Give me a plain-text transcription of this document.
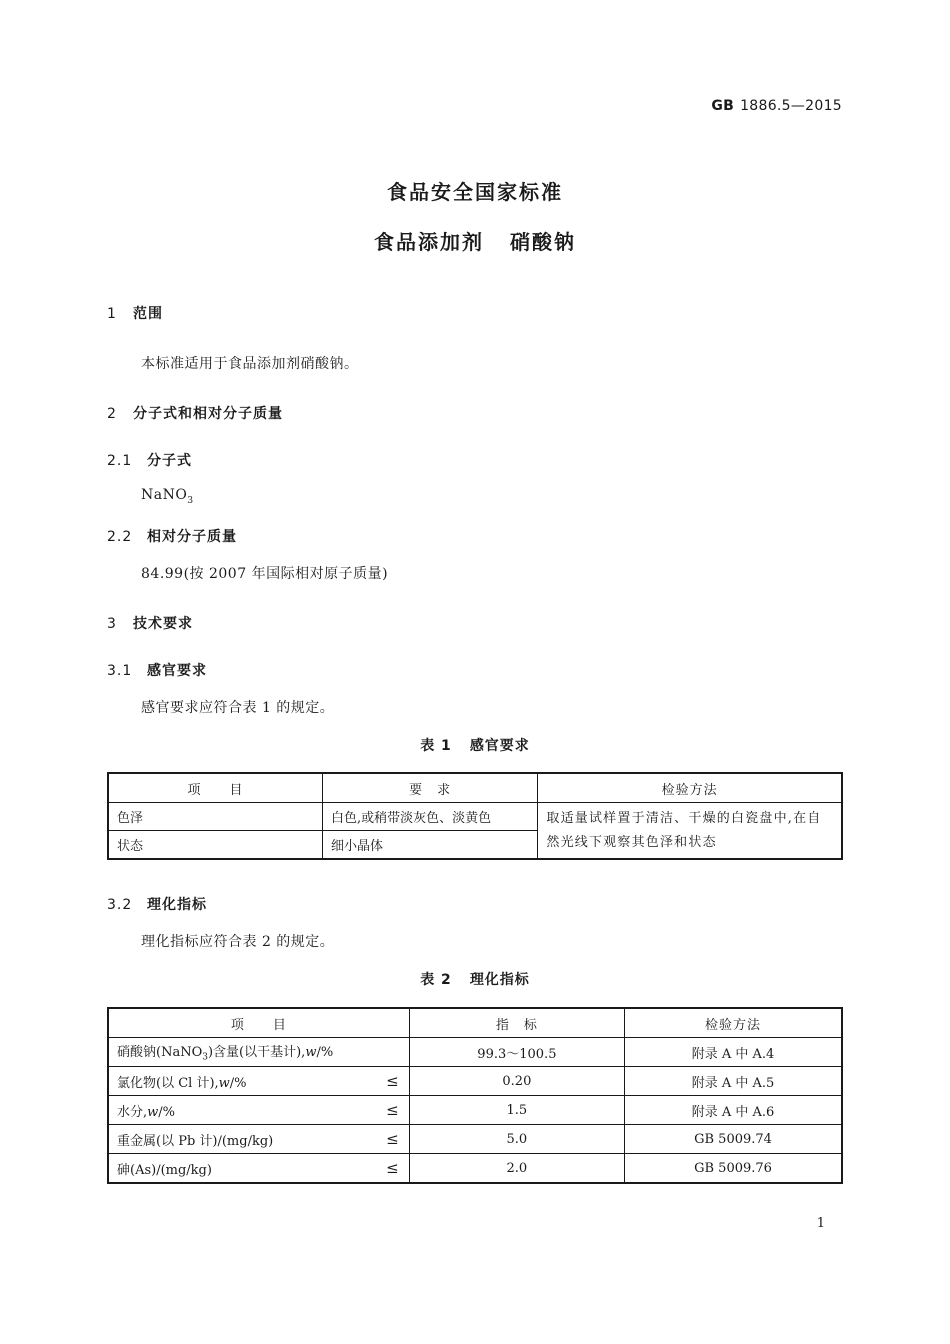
GB 1886.5—2015
食品安全国家标准
食品添加剂 硝酸钠
1 范围
本标准适用于食品添加剂硝酸钠。
2 分子式和相对分子质量
2.1 分子式
NaNO$_3$
2.2 相对分子质量
84.99(按 2007 年国际相对原子质量)
3 技术要求
3.1 感官要求
感官要求应符合表 1 的规定。
表 1 感官要求
项　　目	要　求	检验方法
色泽	白色,或稍带淡灰色、淡黄色	取适量试样置于清洁、干燥的白瓷盘中,在自然光线下观察其色泽和状态
状态	细小晶体	
3.2 理化指标
理化指标应符合表 2 的规定。
表 2 理化指标
项　　目	指　标	检验方法
硝酸钠(NaNO$_3$)含量(以干基计),w/%	99.3～100.5	附录 A 中 A.4
氯化物(以 Cl 计),w/% ≤	0.20	附录 A 中 A.5
水分,w/% ≤	1.5	附录 A 中 A.6
重金属(以 Pb 计)/(mg/kg) ≤	5.0	GB 5009.74
砷(As)/(mg/kg) ≤	2.0	GB 5009.76
1
